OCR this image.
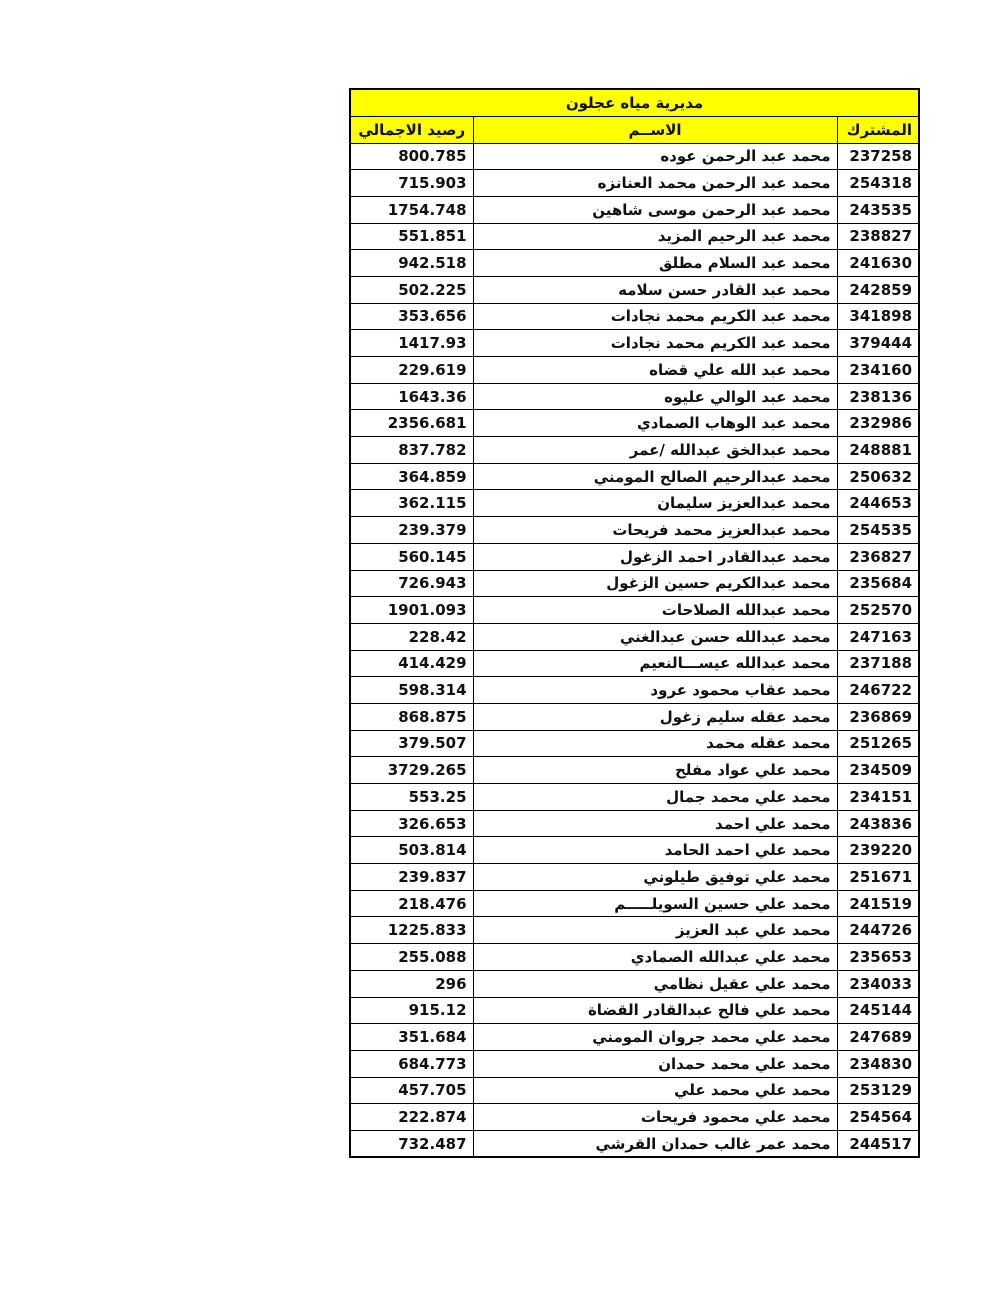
مديرية مياه عجلون		
المشترك	الاســم	رصيد الاجمالي
237258	محمد عبد الرحمن عوده	800.785
254318	محمد عبد الرحمن محمد العنانزه	715.903
243535	محمد عبد الرحمن موسى شاهين	1754.748
238827	محمد عبد الرحيم المزيد	551.851
241630	محمد عبد السلام مطلق	942.518
242859	محمد عبد القادر حسن سلامه	502.225
341898	محمد عبد الكريم محمد نجادات	353.656
379444	محمد عبد الكريم محمد نجادات	1417.93
234160	محمد عبد الله علي قضاه	229.619
238136	محمد عبد الوالي عليوه	1643.36
232986	محمد عبد الوهاب الصمادي	2356.681
248881	محمد عبدالخق عبدالله /عمر	837.782
250632	محمد عبدالرحيم الصالح المومني	364.859
244653	محمد عبدالعزيز سليمان	362.115
254535	محمد عبدالعزيز محمد فريحات	239.379
236827	محمد عبدالقادر احمد الزغول	560.145
235684	محمد عبدالكريم حسين الزغول	726.943
252570	محمد عبدالله الصلاحات	1901.093
247163	محمد عبدالله حسن عبدالغني	228.42
237188	محمد عبدالله عيســـالنعيم	414.429
246722	محمد عقاب محمود عرود	598.314
236869	محمد عقله سليم زغول	868.875
251265	محمد عقله محمد	379.507
234509	محمد علي عواد مفلح	3729.265
234151	محمد علي محمد جمال	553.25
243836	محمد علي احمد	326.653
239220	محمد علي احمد الحامد	503.814
251671	محمد علي توفيق طيلوني	239.837
241519	محمد علي حسين السويلـــــم	218.476
244726	محمد علي عبد العزيز	1225.833
235653	محمد علي عبدالله الصمادي	255.088
234033	محمد علي عقيل نظامي	296
245144	محمد علي فالح عبدالقادر القضاة	915.12
247689	محمد علي محمد جروان المومني	351.684
234830	محمد علي محمد حمدان	684.773
253129	محمد علي محمد علي	457.705
254564	محمد علي محمود فريحات	222.874
244517	محمد عمر غالب حمدان القرشي	732.487
